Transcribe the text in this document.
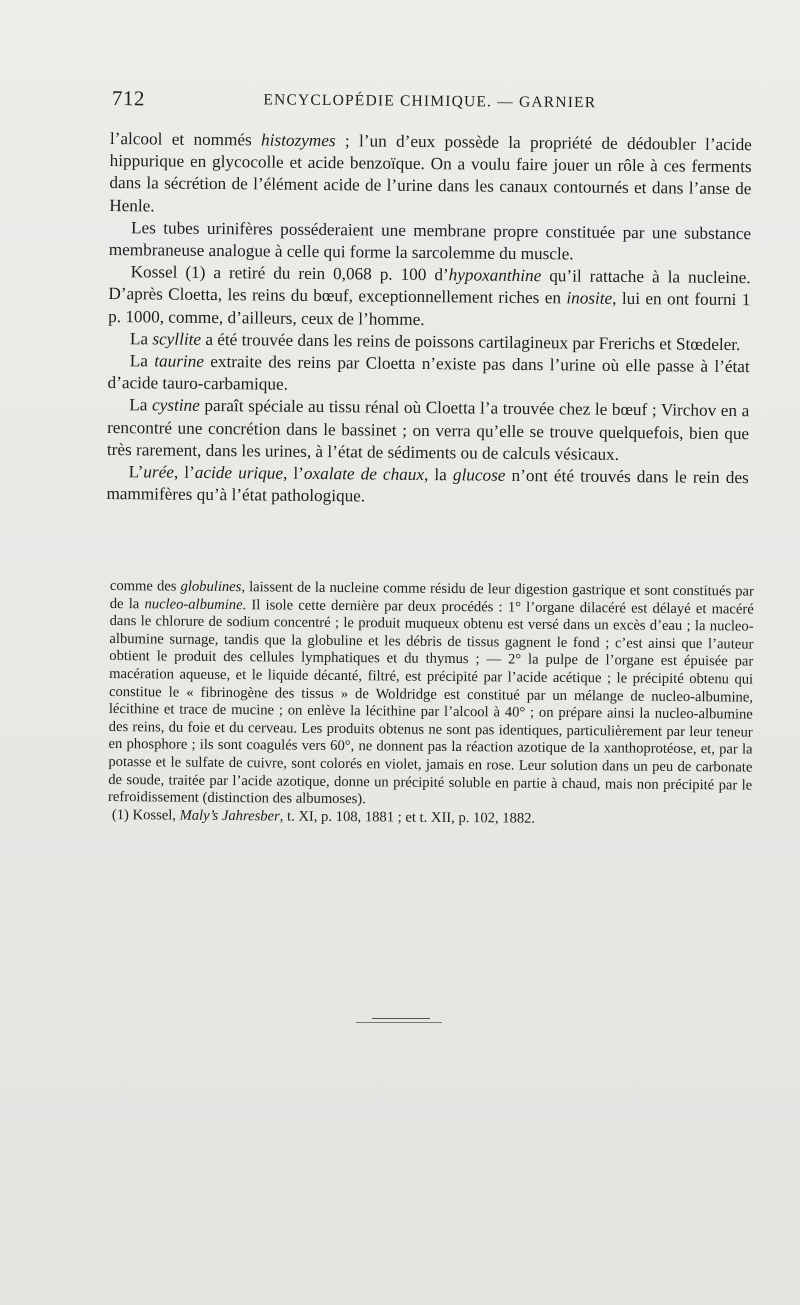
712	ENCYCLOPÉDIE CHIMIQUE. — GARNIER

l’alcool et nommés histozymes ; l’un d’eux possède la propriété de dédoubler l’acide hippurique en glycocolle et acide benzoïque. On a voulu faire jouer un rôle à ces ferments dans la sécrétion de l’élément acide de l’urine dans les canaux contournés et dans l’anse de Henle.

Les tubes urinifères posséderaient une membrane propre constituée par une substance membraneuse analogue à celle qui forme la sarcolemme du muscle.

Kossel (1) a retiré du rein 0,068 p. 100 d’hypoxanthine qu’il rattache à la nucleine. D’après Cloetta, les reins du bœuf, exceptionnellement riches en inosite, lui en ont fourni 1 p. 1000, comme, d’ailleurs, ceux de l’homme.

La scyllite a été trouvée dans les reins de poissons cartilagineux par Frerichs et Stœdeler.

La taurine extraite des reins par Cloetta n’existe pas dans l’urine où elle passe à l’état d’acide tauro-carbamique.

La cystine paraît spéciale au tissu rénal où Cloetta l’a trouvée chez le bœuf ; Virchov en a rencontré une concrétion dans le bassinet ; on verra qu’elle se trouve quelquefois, bien que très rarement, dans les urines, à l’état de sédiments ou de calculs vésicaux.

L’urée, l’acide urique, l’oxalate de chaux, la glucose n’ont été trouvés dans le rein des mammifères qu’à l’état pathologique.

comme des globulines, laissent de la nucleine comme résidu de leur digestion gastrique et sont constitués par de la nucleo-albumine. Il isole cette dernière par deux procédés : 1° l’organe dilacéré est délayé et macéré dans le chlorure de sodium concentré ; le produit muqueux obtenu est versé dans un excès d’eau ; la nucleo-albumine surnage, tandis que la globuline et les débris de tissus gagnent le fond ; c’est ainsi que l’auteur obtient le produit des cellules lymphatiques et du thymus ; — 2° la pulpe de l’organe est épuisée par macération aqueuse, et le liquide décanté, filtré, est précipité par l’acide acétique ; le précipité obtenu qui constitue le « fibrinogène des tissus » de Woldridge est constitué par un mélange de nucleo-albumine, lécithine et trace de mucine ; on enlève la lécithine par l’alcool à 40° ; on prépare ainsi la nucleo-albumine des reins, du foie et du cerveau. Les produits obtenus ne sont pas identiques, particulièrement par leur teneur en phosphore ; ils sont coagulés vers 60°, ne donnent pas la réaction azotique de la xanthoprotéose, et, par la potasse et le sulfate de cuivre, sont colorés en violet, jamais en rose. Leur solution dans un peu de carbonate de soude, traitée par l’acide azotique, donne un précipité soluble en partie à chaud, mais non précipité par le refroidissement (distinction des albumoses).

(1) Kossel, Maly’s Jahresber, t. XI, p. 108, 1881 ; et t. XII, p. 102, 1882.
